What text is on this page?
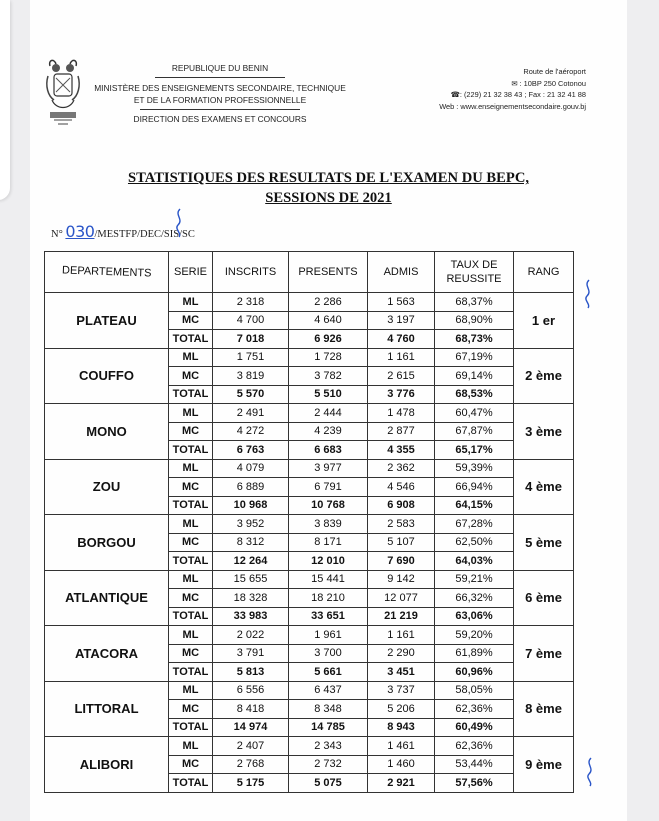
REPUBLIQUE DU BENIN
MINISTÈRE DES ENSEIGNEMENTS SECONDAIRE, TECHNIQUE
ET DE LA FORMATION PROFESSIONNELLE
DIRECTION DES EXAMENS ET CONCOURS
Route de l'aéroport
✉ : 10BP 250 Cotonou
☎: (229) 21 32 38 43 ; Fax : 21 32 41 88
Web : www.enseignementsecondaire.gouv.bj
STATISTIQUES DES RESULTATS DE L'EXAMEN DU BEPC,
SESSIONS DE 2021
N° 030/MESTFP/DEC/SIS/SC
DEPARTEMENTS	SERIE	INSCRITS	PRESENTS	ADMIS	TAUX DE REUSSITE	RANG
PLATEAU	ML	2 318	2 286	1 563	68,37%	1 er
	MC	4 700	4 640	3 197	68,90%	
	TOTAL	7 018	6 926	4 760	68,73%	
COUFFO	ML	1 751	1 728	1 161	67,19%	2 ème
	MC	3 819	3 782	2 615	69,14%	
	TOTAL	5 570	5 510	3 776	68,53%	
MONO	ML	2 491	2 444	1 478	60,47%	3 ème
	MC	4 272	4 239	2 877	67,87%	
	TOTAL	6 763	6 683	4 355	65,17%	
ZOU	ML	4 079	3 977	2 362	59,39%	4 ème
	MC	6 889	6 791	4 546	66,94%	
	TOTAL	10 968	10 768	6 908	64,15%	
BORGOU	ML	3 952	3 839	2 583	67,28%	5 ème
	MC	8 312	8 171	5 107	62,50%	
	TOTAL	12 264	12 010	7 690	64,03%	
ATLANTIQUE	ML	15 655	15 441	9 142	59,21%	6 ème
	MC	18 328	18 210	12 077	66,32%	
	TOTAL	33 983	33 651	21 219	63,06%	
ATACORA	ML	2 022	1 961	1 161	59,20%	7 ème
	MC	3 791	3 700	2 290	61,89%	
	TOTAL	5 813	5 661	3 451	60,96%	
LITTORAL	ML	6 556	6 437	3 737	58,05%	8 ème
	MC	8 418	8 348	5 206	62,36%	
	TOTAL	14 974	14 785	8 943	60,49%	
ALIBORI	ML	2 407	2 343	1 461	62,36%	9 ème
	MC	2 768	2 732	1 460	53,44%	
	TOTAL	5 175	5 075	2 921	57,56%	
